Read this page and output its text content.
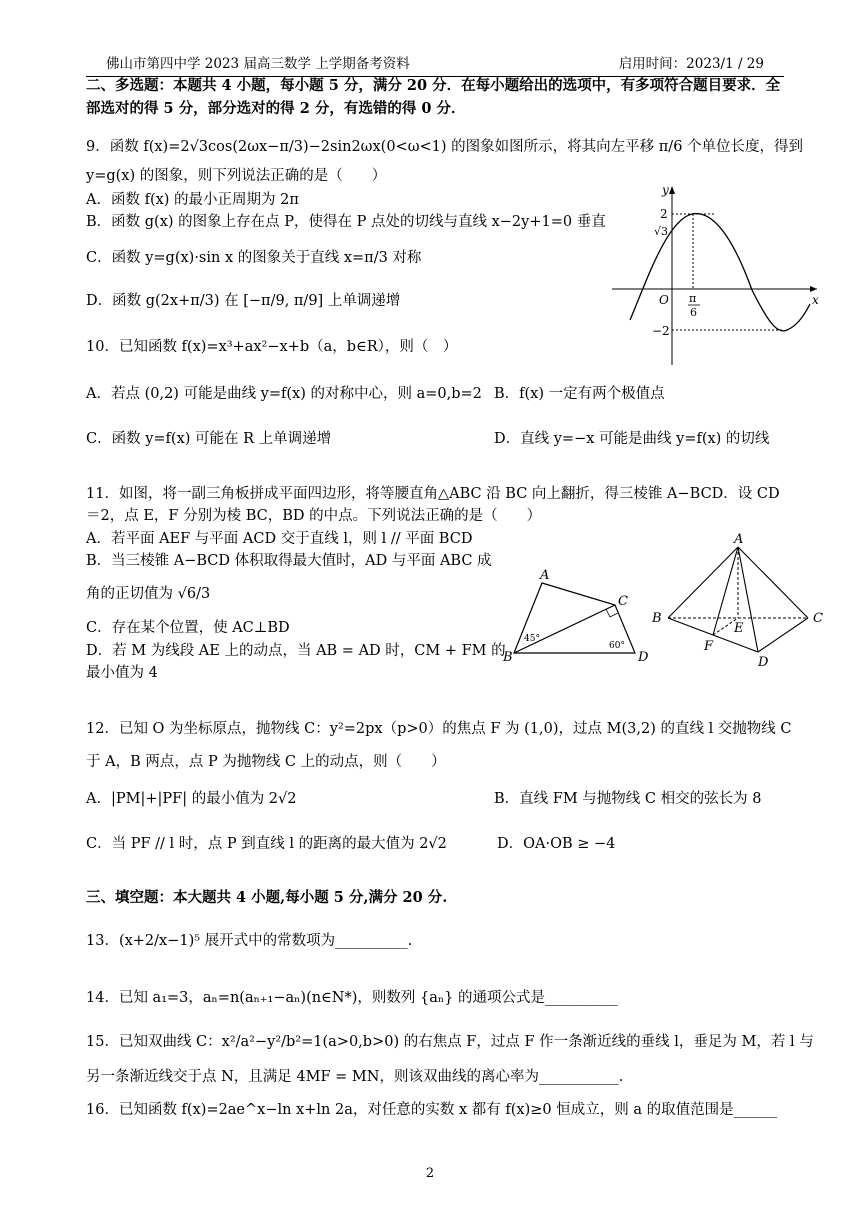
佛山市第四中学 2023 届高三数学 上学期备考资料	启用时间：2023/1 / 29
二、多选题：本题共 4 小题，每小题 5 分，满分 20 分．在每小题给出的选项中，有多项符合题目要求．全
部选对的得 5 分，部分选对的得 2 分，有选错的得 0 分．
9．函数 f(x)=2√3cos(2ωx−π/3)−2sin2ωx(0<ω<1) 的图象如图所示，将其向左平移 π/6 个单位长度，得到
y=g(x) 的图象，则下列说法正确的是（　　）
A．函数 f(x) 的最小正周期为 2π
B．函数 g(x) 的图象上存在点 P，使得在 P 点处的切线与直线 x−2y+1=0 垂直
C．函数 y=g(x)·sin x 的图象关于直线 x=π/3 对称
D．函数 g(2x+π/3) 在 [−π/9, π/9] 上单调递增
y
2
√3
O π
6
x
−2
10．已知函数 f(x)=x³+ax²−x+b（a，b∈R），则（　）
A．若点 (0,2) 可能是曲线 y=f(x) 的对称中心，则 a=0,b=2 B．f(x) 一定有两个极值点
C．函数 y=f(x) 可能在 R 上单调递增	D．直线 y=−x 可能是曲线 y=f(x) 的切线
11．如图，将一副三角板拼成平面四边形，将等腰直角△ABC 沿 BC 向上翻折，得三棱锥 A−BCD．设 CD
＝2，点 E，F 分别为棱 BC，BD 的中点。下列说法正确的是（　　）
A．若平面 AEF 与平面 ACD 交于直线 l，则 l // 平面 BCD
B．当三棱锥 A−BCD 体积取得最大值时，AD 与平面 ABC 成
角的正切值为 √6/3
C．存在某个位置，使 AC⊥BD
D．若 M 为线段 AE 上的动点，当 AB = AD 时，CM + FM 的
最小值为 4
A
C
B	D
45°
60°
A
B	C
E
F
D
12．已知 O 为坐标原点，抛物线 C：y²=2px（p>0）的焦点 F 为 (1,0)，过点 M(3,2) 的直线 l 交抛物线 C
于 A，B 两点，点 P 为抛物线 C 上的动点，则（　　）
A．|PM|+|PF| 的最小值为 2√2	B．直线 FM 与抛物线 C 相交的弦长为 8
C．当 PF // l 时，点 P 到直线 l 的距离的最大值为 2√2	D．OA·OB ≥ −4
三、填空题：本大题共 4 小题,每小题 5 分,满分 20 分.
13．(x+2/x−1)⁵ 展开式中的常数项为__________.
14．已知 a₁=3，aₙ=n(aₙ₊₁−aₙ)(n∈N*)，则数列 {aₙ} 的通项公式是__________
15．已知双曲线 C：x²/a²−y²/b²=1(a>0,b>0) 的右焦点 F，过点 F 作一条渐近线的垂线 l，垂足为 M，若 l 与
另一条渐近线交于点 N，且满足 4MF = MN，则该双曲线的离心率为___________.
16．已知函数 f(x)=2ae^x−ln x+ln 2a，对任意的实数 x 都有 f(x)≥0 恒成立，则 a 的取值范围是______
2
